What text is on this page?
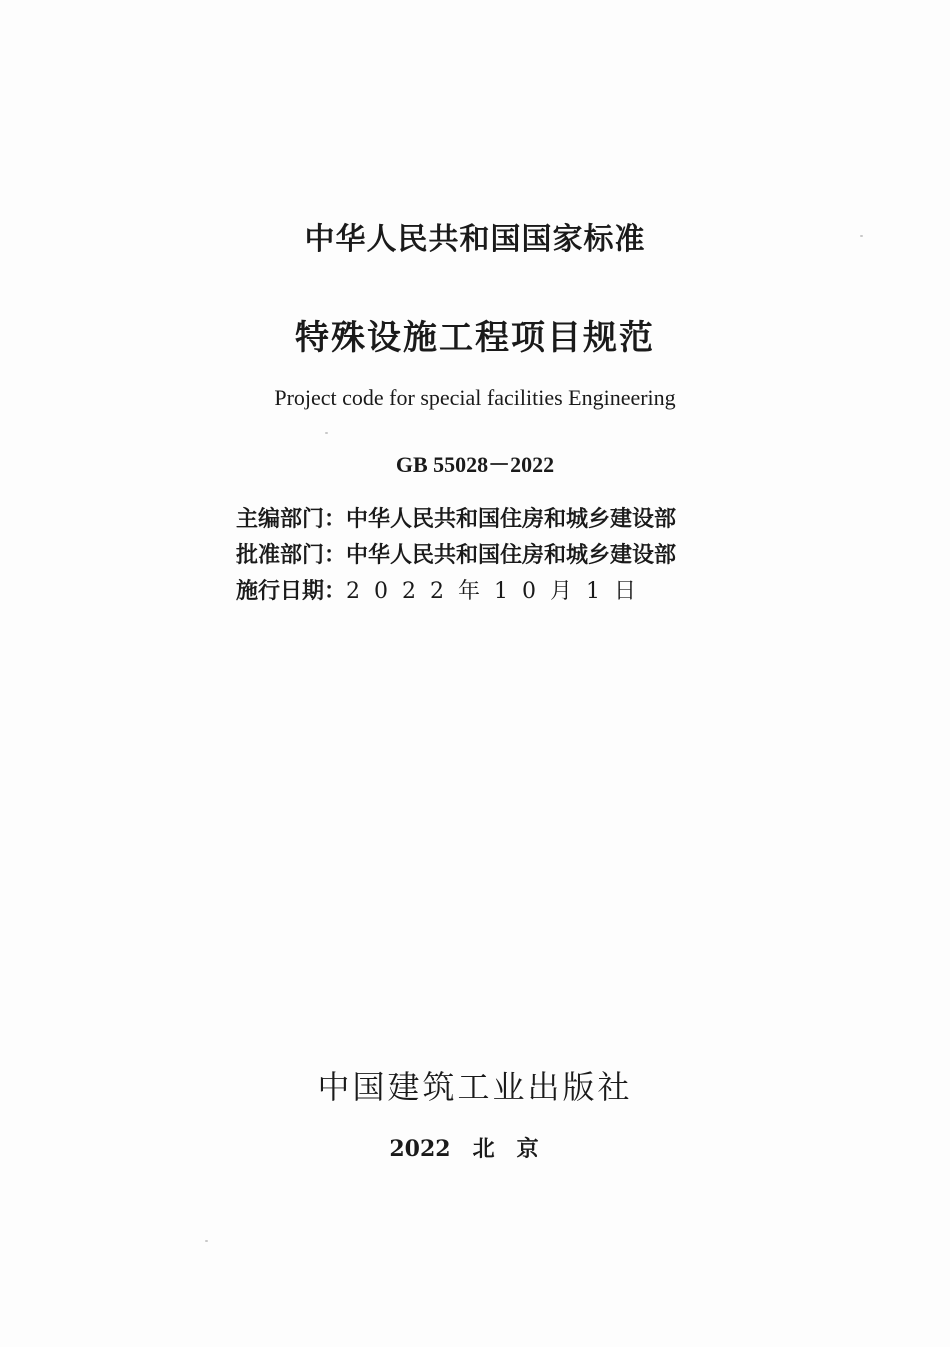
中华人民共和国国家标准
特殊设施工程项目规范
Project code for special facilities Engineering
GB 55028－2022
主编部门：中华人民共和国住房和城乡建设部
批准部门：中华人民共和国住房和城乡建设部
施行日期：2022年10月1日
中国建筑工业出版社
2022 北京
